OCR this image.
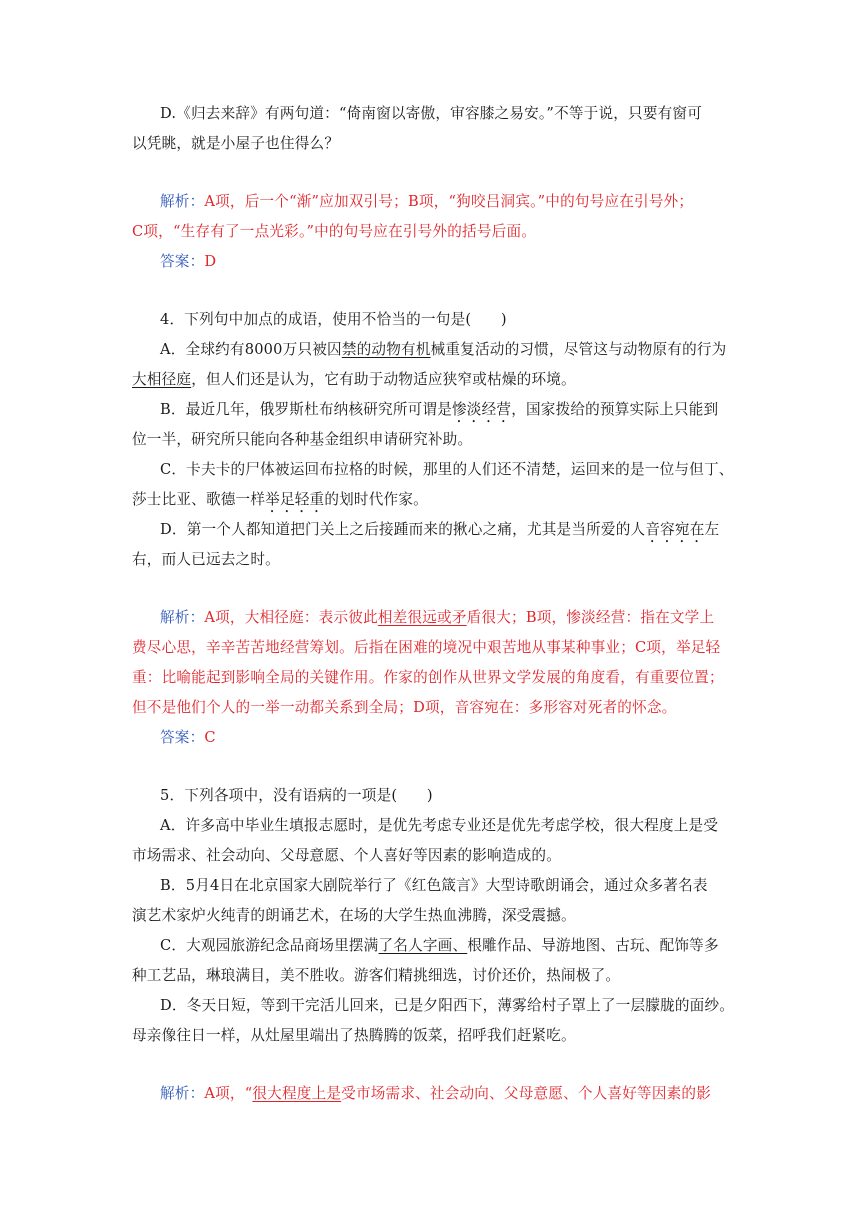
D.《归去来辞》有两句道：“倚南窗以寄傲，审容膝之易安。”不等于说，只要有窗可
以凭眺，就是小屋子也住得么？
解析：A项，后一个“渐”应加双引号；B项，“狗咬吕洞宾。”中的句号应在引号外；
C项，“生存有了一点光彩。”中的句号应在引号外的括号后面。
答案：D
4．下列句中加点的成语，使用不恰当的一句是(　　)
A．全球约有8000万只被囚禁的动物有机械重复活动的习惯，尽管这与动物原有的行为
大相径庭，但人们还是认为，它有助于动物适应狭窄或枯燥的环境。
B．最近几年，俄罗斯杜布纳核研究所可谓是惨淡经营，国家拨给的预算实际上只能到
位一半，研究所只能向各种基金组织申请研究补助。
C．卡夫卡的尸体被运回布拉格的时候，那里的人们还不清楚，运回来的是一位与但丁、
莎士比亚、歌德一样举足轻重的划时代作家。
D．第一个人都知道把门关上之后接踵而来的揪心之痛，尤其是当所爱的人音容宛在左
右，而人已远去之时。
解析：A项，大相径庭：表示彼此相差很远或矛盾很大；B项，惨淡经营：指在文学上
费尽心思，辛辛苦苦地经营筹划。后指在困难的境况中艰苦地从事某种事业；C项，举足轻
重：比喻能起到影响全局的关键作用。作家的创作从世界文学发展的角度看，有重要位置；
但不是他们个人的一举一动都关系到全局；D项，音容宛在：多形容对死者的怀念。
答案：C
5．下列各项中，没有语病的一项是(　　)
A．许多高中毕业生填报志愿时，是优先考虑专业还是优先考虑学校，很大程度上是受
市场需求、社会动向、父母意愿、个人喜好等因素的影响造成的。
B．5月4日在北京国家大剧院举行了《红色箴言》大型诗歌朗诵会，通过众多著名表
演艺术家炉火纯青的朗诵艺术，在场的大学生热血沸腾，深受震撼。
C．大观园旅游纪念品商场里摆满了名人字画、根雕作品、导游地图、古玩、配饰等多
种工艺品，琳琅满目，美不胜收。游客们精挑细选，讨价还价，热闹极了。
D．冬天日短，等到干完活儿回来，已是夕阳西下，薄雾给村子罩上了一层朦胧的面纱。
母亲像往日一样，从灶屋里端出了热腾腾的饭菜，招呼我们赶紧吃。
解析：A项，“很大程度上是受市场需求、社会动向、父母意愿、个人喜好等因素的影
